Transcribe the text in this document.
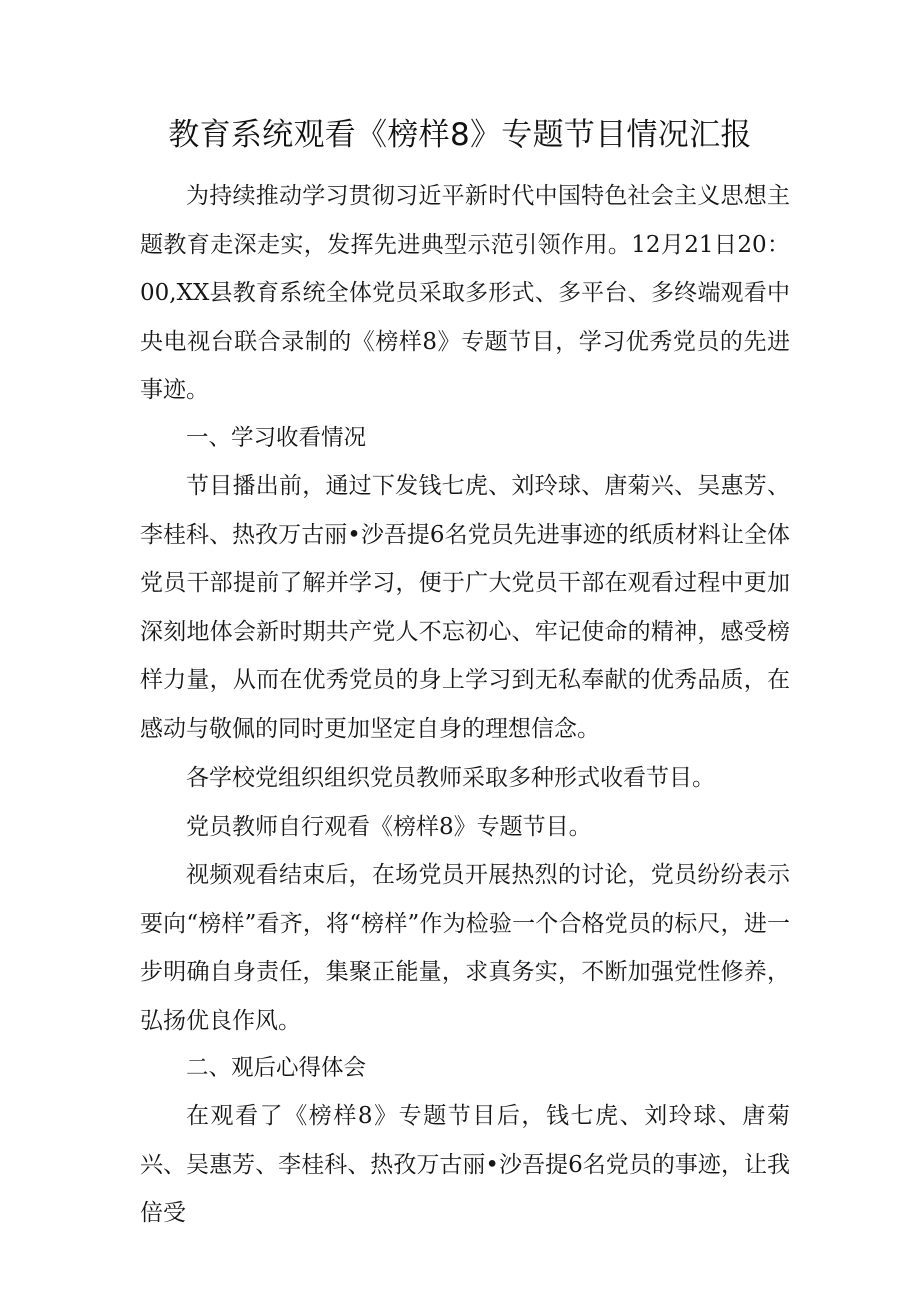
教育系统观看《榜样8》专题节目情况汇报

为持续推动学习贯彻习近平新时代中国特色社会主义思想主题教育走深走实，发挥先进典型示范引领作用。12月21日20：00,XX县教育系统全体党员采取多形式、多平台、多终端观看中央电视台联合录制的《榜样8》专题节目，学习优秀党员的先进事迹。

一、学习收看情况

节目播出前，通过下发钱七虎、刘玲球、唐菊兴、吴惠芳、李桂科、热孜万古丽•沙吾提6名党员先进事迹的纸质材料让全体党员干部提前了解并学习，便于广大党员干部在观看过程中更加深刻地体会新时期共产党人不忘初心、牢记使命的精神，感受榜样力量，从而在优秀党员的身上学习到无私奉献的优秀品质，在感动与敬佩的同时更加坚定自身的理想信念。

各学校党组织组织党员教师采取多种形式收看节目。

党员教师自行观看《榜样8》专题节目。

视频观看结束后，在场党员开展热烈的讨论，党员纷纷表示要向“榜样”看齐，将“榜样”作为检验一个合格党员的标尺，进一步明确自身责任，集聚正能量，求真务实，不断加强党性修养，弘扬优良作风。

二、观后心得体会

在观看了《榜样8》专题节目后，钱七虎、刘玲球、唐菊兴、吴惠芳、李桂科、热孜万古丽•沙吾提6名党员的事迹，让我倍受
